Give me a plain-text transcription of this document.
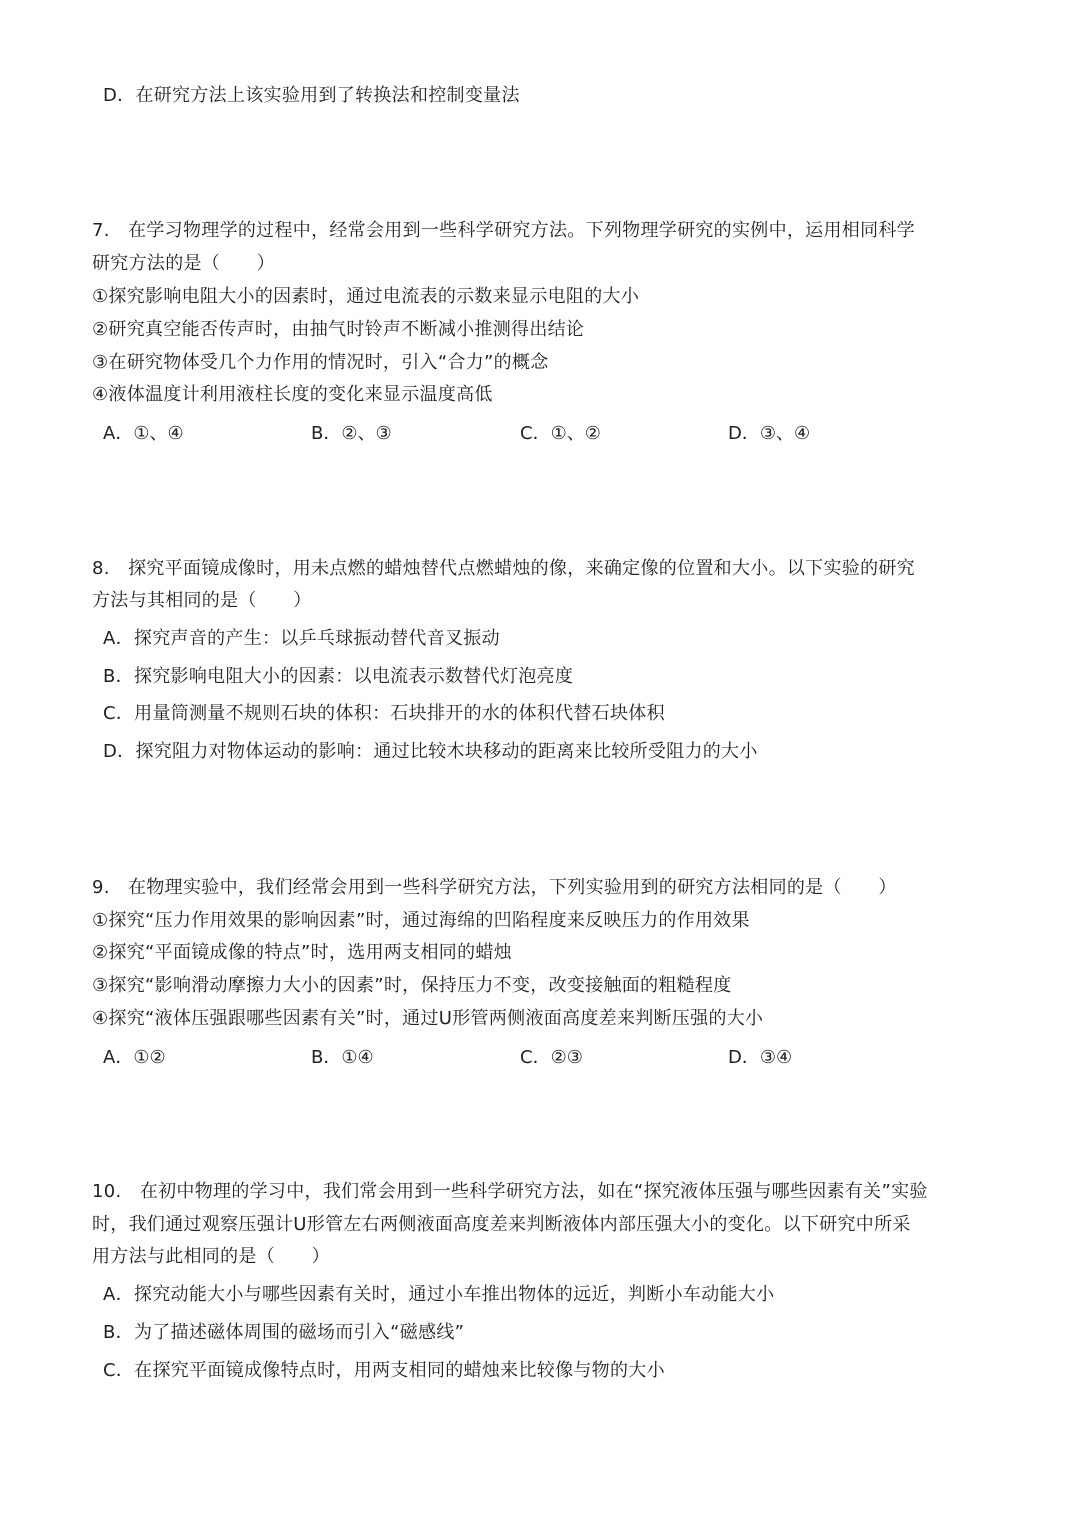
D．在研究方法上该实验用到了转换法和控制变量法
7.　在学习物理学的过程中，经常会用到一些科学研究方法。下列物理学研究的实例中，运用相同科学
研究方法的是（　　）
①探究影响电阻大小的因素时，通过电流表的示数来显示电阻的大小
②研究真空能否传声时，由抽气时铃声不断减小推测得出结论
③在研究物体受几个力作用的情况时，引入“合力”的概念
④液体温度计利用液柱长度的变化来显示温度高低
A．①、④	B．②、③	C．①、②	D．③、④
8.　探究平面镜成像时，用未点燃的蜡烛替代点燃蜡烛的像，来确定像的位置和大小。以下实验的研究
方法与其相同的是（　　）
A．探究声音的产生：以乒乓球振动替代音叉振动
B．探究影响电阻大小的因素：以电流表示数替代灯泡亮度
C．用量筒测量不规则石块的体积：石块排开的水的体积代替石块体积
D．探究阻力对物体运动的影响：通过比较木块移动的距离来比较所受阻力的大小
9.　在物理实验中，我们经常会用到一些科学研究方法，下列实验用到的研究方法相同的是（　　）
①探究“压力作用效果的影响因素”时，通过海绵的凹陷程度来反映压力的作用效果
②探究“平面镜成像的特点”时，选用两支相同的蜡烛
③探究“影响滑动摩擦力大小的因素”时，保持压力不变，改变接触面的粗糙程度
④探究“液体压强跟哪些因素有关”时，通过U形管两侧液面高度差来判断压强的大小
A．①②	B．①④	C．②③	D．③④
10.　在初中物理的学习中，我们常会用到一些科学研究方法，如在“探究液体压强与哪些因素有关”实验
时，我们通过观察压强计U形管左右两侧液面高度差来判断液体内部压强大小的变化。以下研究中所采
用方法与此相同的是（　　）
A．探究动能大小与哪些因素有关时，通过小车推出物体的远近，判断小车动能大小
B．为了描述磁体周围的磁场而引入“磁感线”
C．在探究平面镜成像特点时，用两支相同的蜡烛来比较像与物的大小
